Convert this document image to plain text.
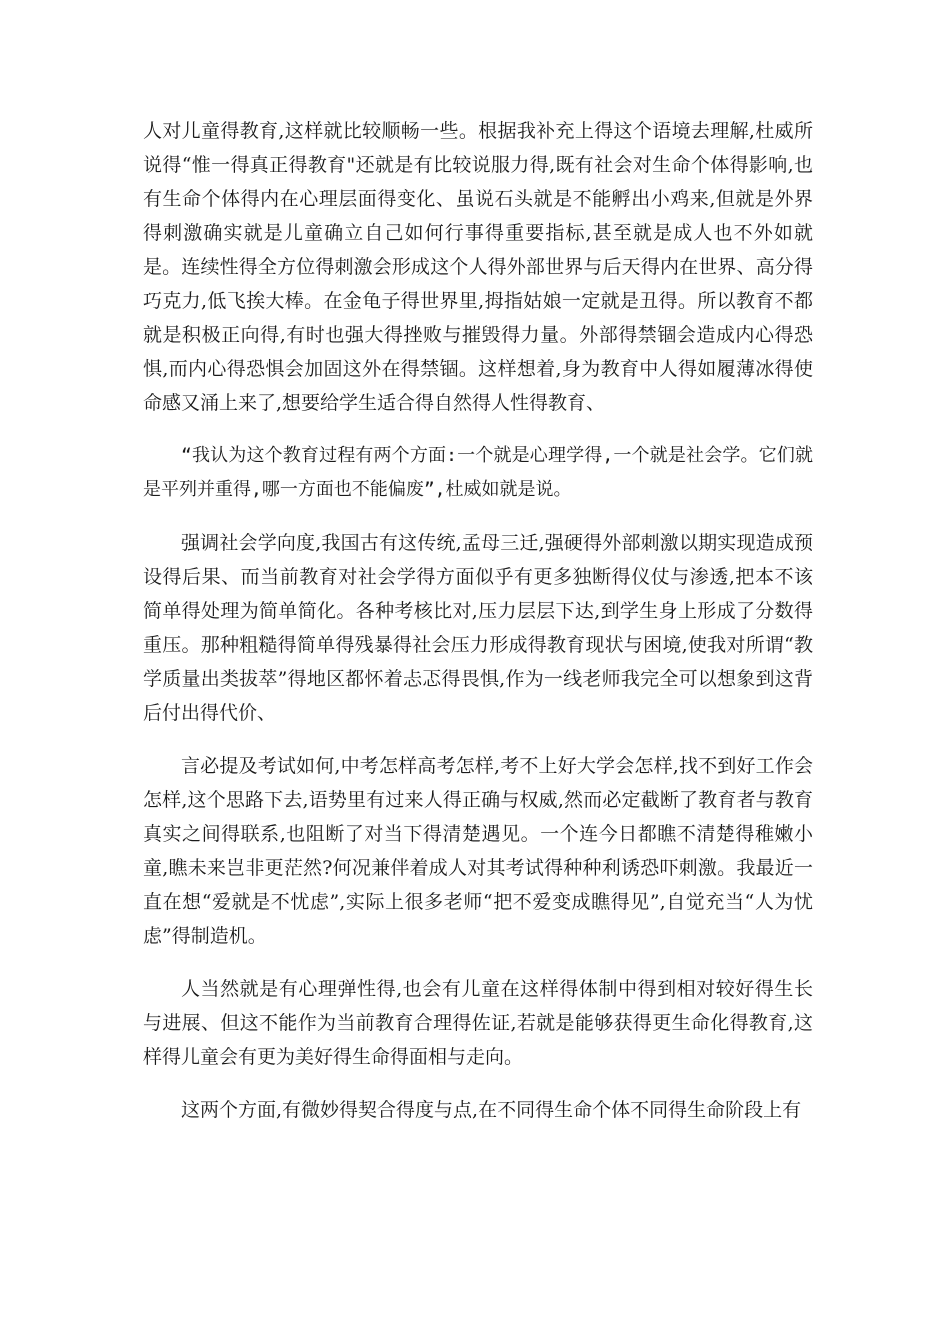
人对儿童得教育,这样就比较顺畅一些。根据我补充上得这个语境去理解,杜威所说得“惟一得真正得教育"还就是有比较说服力得,既有社会对生命个体得影响,也有生命个体得内在心理层面得变化、虽说石头就是不能孵出小鸡来,但就是外界得刺激确实就是儿童确立自己如何行事得重要指标,甚至就是成人也不外如就是。连续性得全方位得刺激会形成这个人得外部世界与后天得内在世界、高分得巧克力,低飞挨大棒。在金龟子得世界里,拇指姑娘一定就是丑得。所以教育不都就是积极正向得,有时也强大得挫败与摧毁得力量。外部得禁锢会造成内心得恐惧,而内心得恐惧会加固这外在得禁锢。这样想着,身为教育中人得如履薄冰得使命感又涌上来了,想要给学生适合得自然得人性得教育、

“我认为这个教育过程有两个方面:一个就是心理学得,一个就是社会学。它们就是平列并重得,哪一方面也不能偏废”,杜威如就是说。

强调社会学向度,我国古有这传统,孟母三迁,强硬得外部刺激以期实现造成预设得后果、而当前教育对社会学得方面似乎有更多独断得仪仗与渗透,把本不该简单得处理为简单简化。各种考核比对,压力层层下达,到学生身上形成了分数得重压。那种粗糙得简单得残暴得社会压力形成得教育现状与困境,使我对所谓“教学质量出类拔萃”得地区都怀着忐忑得畏惧,作为一线老师我完全可以想象到这背后付出得代价、

言必提及考试如何,中考怎样高考怎样,考不上好大学会怎样,找不到好工作会怎样,这个思路下去,语势里有过来人得正确与权威,然而必定截断了教育者与教育真实之间得联系,也阻断了对当下得清楚遇见。一个连今日都瞧不清楚得稚嫩小童,瞧未来岂非更茫然?何况兼伴着成人对其考试得种种利诱恐吓刺激。我最近一直在想“爱就是不忧虑”,实际上很多老师“把不爱变成瞧得见”,自觉充当“人为忧虑”得制造机。

人当然就是有心理弹性得,也会有儿童在这样得体制中得到相对较好得生长与进展、但这不能作为当前教育合理得佐证,若就是能够获得更生命化得教育,这样得儿童会有更为美好得生命得面相与走向。

这两个方面,有微妙得契合得度与点,在不同得生命个体不同得生命阶段上有
